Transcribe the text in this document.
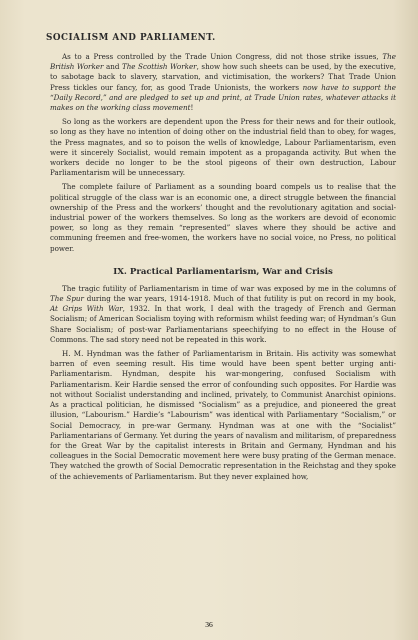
SOCIALISM AND PARLIAMENT.

As to a Press controlled by the Trade Union Congress, did not those strike issues, The British Worker and The Scottish Worker, show how such sheets can be used, by the executive, to sabotage back to slavery, starvation, and victimisation, the workers? That Trade Union Press tickles our fancy, for, as good Trade Unionists, the workers now have to support the “Daily Record,” and are pledged to set up and print, at Trade Union rates, whatever attacks it makes on the working class movement!

So long as the workers are dependent upon the Press for their news and for their outlook, so long as they have no intention of doing other on the industrial field than to obey, for wages, the Press magnates, and so to poison the wells of knowledge, Labour Parliamentarism, even were it sincerely Socialist, would remain impotent as a propaganda activity. But when the workers decide no longer to be the stool pigeons of their own destruction, Labour Parliamentarism will be unnecessary.

The complete failure of Parliament as a sounding board compels us to realise that the political struggle of the class war is an economic one, a direct struggle between the financial ownership of the Press and the workers’ thought and the revolutionary agitation and social-industrial power of the workers themselves. So long as the workers are devoid of economic power, so long as they remain “represented” slaves where they should be active and communing freemen and free-women, the workers have no social voice, no Press, no political power.

IX. Practical Parliamentarism, War and Crisis

The tragic futility of Parliamentarism in time of war was exposed by me in the columns of The Spur during the war years, 1914-1918. Much of that futility is put on record in my book, At Grips With War, 1932. In that work, I deal with the tragedy of French and German Socialism; of American Socialism toying with reformism whilst feeding war; of Hyndman’s Gun Share Socialism; of post-war Parliamentarians speechifying to no effect in the House of Commons. The sad story need not be repeated in this work.

H. M. Hyndman was the father of Parliamentarism in Britain. His activity was somewhat barren of even seeming result. His time would have been spent better urging anti-Parliamentarism. Hyndman, despite his war-mongering, confused Socialism with Parliamentarism. Keir Hardie sensed the error of confounding such opposites. For Hardie was not without Socialist understanding and inclined, privately, to Communist Anarchist opinions. As a practical politician, he dismissed “Socialism” as a prejudice, and pioneered the great illusion, “Labourism.” Hardie’s “Labourism” was identical with Parliamentary “Socialism,” or Social Democracy, in pre-war Germany. Hyndman was at one with the “Socialist” Parliamentarians of Germany. Yet during the years of navalism and militarism, of preparedness for the Great War by the capitalist interests in Britain and Germany, Hyndman and his colleagues in the Social Democratic movement here were busy prating of the German menace. They watched the growth of Social Democratic representation in the Reichstag and they spoke of the achievements of Parliamentarism. But they never explained how,

36
